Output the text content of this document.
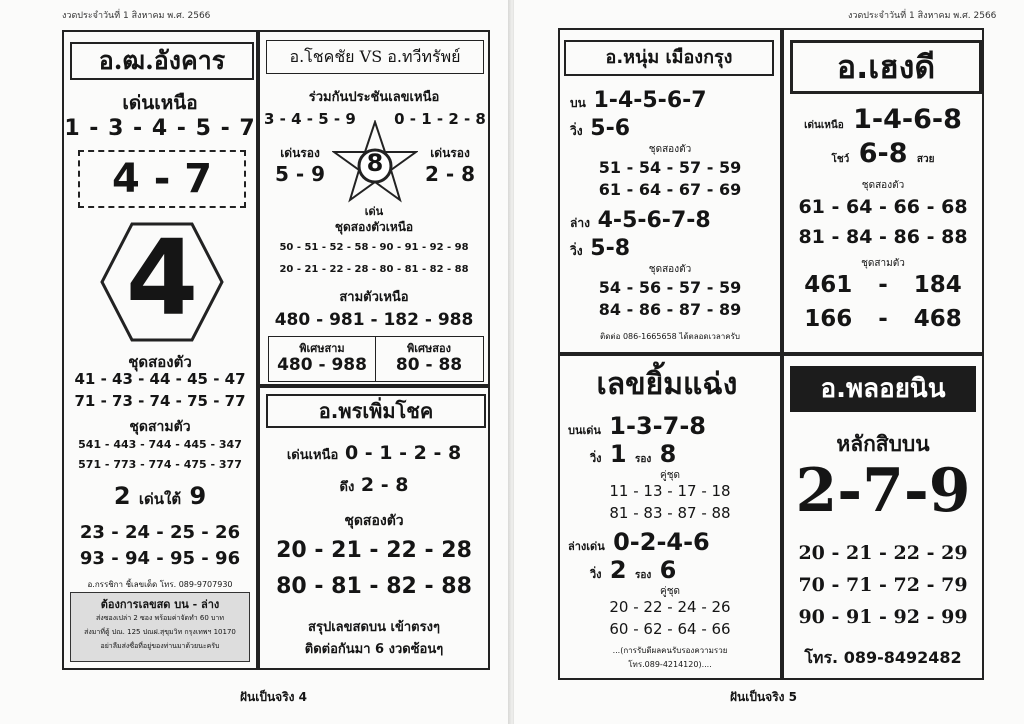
งวดประจำวันที่ 1 สิงหาคม พ.ศ. 2566
อ.ฒ.อังคาร
เด่นเหนือ
1 - 3 - 4 - 5 - 7
4 - 7
4
ชุดสองตัว
41 - 43 - 44 - 45 - 47
71 - 73 - 74 - 75 - 77
ชุดสามตัว
541 - 443 - 744 - 445 - 347
571 - 773 - 774 - 475 - 377
2 เด่นใต้ 9
23 - 24 - 25 - 26
93 - 94 - 95 - 96
อ.กรรชิกา ชี้เลขเด็ด โทร. 089-9707930
ต้องการเลขสด บน - ล่าง
ส่งซองเปล่า 2 ซอง พร้อมค่าจัดทำ 60 บาท
ส่งมาที่ตู้ ปณ. 125 ปณฝ.สุขุมวิท กรุงเทพฯ 10170
อย่าลืมส่งซื่อที่อยู่ของท่านมาด้วยนะครับ
อ.โชคชัย VS อ.ทวีทรัพย์
ร่วมกันประชันเลขเหนือ
3 - 4 - 5 - 9	0 - 1 - 2 - 8
8
เด่นรอง	เด่นรอง
5 - 9	2 - 8
เด่น
ชุดสองตัวเหนือ
50 - 51 - 52 - 58 - 90 - 91 - 92 - 98
20 - 21 - 22 - 28 - 80 - 81 - 82 - 88
สามตัวเหนือ
480 - 981 - 182 - 988
พิเศษสาม
480 - 988
พิเศษสอง
80 - 88
อ.พรเพิ่มโชค
เด่นเหนือ 0 - 1 - 2 - 8
ดึง 2 - 8
ชุดสองตัว
20 - 21 - 22 - 28
80 - 81 - 82 - 88
สรุปเลขสดบน เข้าตรงๆ
ติดต่อกันมา 6 งวดซ้อนๆ
ฝันเป็นจริง 4
งวดประจำวันที่ 1 สิงหาคม พ.ศ. 2566
อ.หนุ่ม เมืองกรุง
บน 1-4-5-6-7
วิ่ง 5-6
ชุดสองตัว
51 - 54 - 57 - 59
61 - 64 - 67 - 69
ล่าง 4-5-6-7-8
วิ่ง 5-8
ชุดสองตัว
54 - 56 - 57 - 59
84 - 86 - 87 - 89
ติดต่อ 086-1665658 ได้ตลอดเวลาครับ
อ.เฮงดี
เด่นเหนือ 1-4-6-8
โชว์ 6-8 สวย
ชุดสองตัว
61 - 64 - 66 - 68
81 - 84 - 86 - 88
ชุดสามตัว
461 - 184
166 - 468
เลขยิ้มแฉ่ง
บนเด่น 1-3-7-8
วิ่ง 1 รอง 8
คู่ชุด
11 - 13 - 17 - 18
81 - 83 - 87 - 88
ล่างเด่น 0-2-4-6
วิ่ง 2 รอง 6
คู่ชุด
20 - 22 - 24 - 26
60 - 62 - 64 - 66
...(การรับดีผลคนรับรองความรวย
โทร.089-4214120)....
อ.พลอยนิน
หลักสิบบน
2-7-9
20 - 21 - 22 - 29
70 - 71 - 72 - 79
90 - 91 - 92 - 99
โทร. 089-8492482
ฝันเป็นจริง 5
